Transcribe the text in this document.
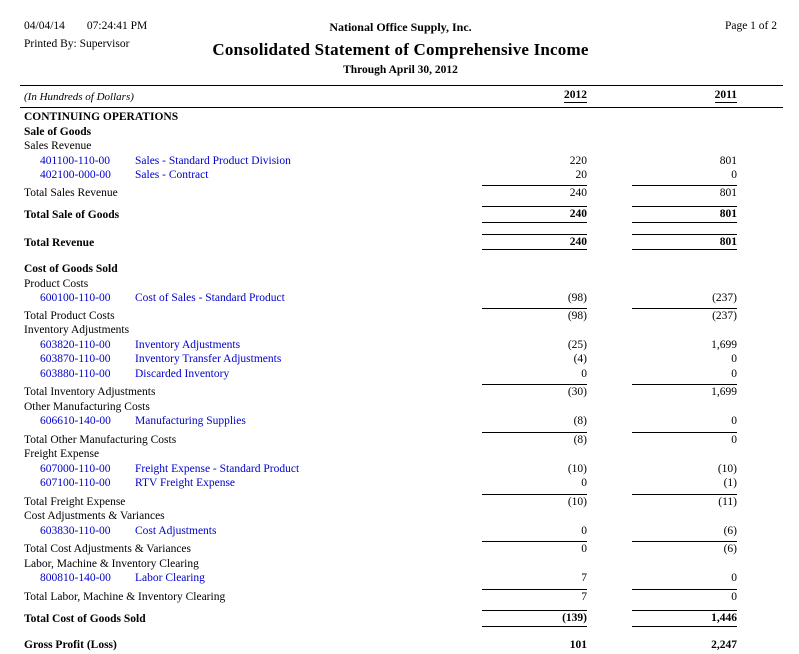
04/04/14 07:24:41 PM
Printed By: Supervisor
National Office Supply, Inc.
Consolidated Statement of Comprehensive Income
Through April 30, 2012
Page 1 of 2
(In Hundreds of Dollars)	2012	2011
CONTINUING OPERATIONS
Sale of Goods
Sales Revenue
401100-110-00 Sales - Standard Product Division	220	801
402100-000-00 Sales - Contract	20	0
Total Sales Revenue	240	801
Total Sale of Goods	240	801
Total Revenue	240	801
Cost of Goods Sold
Product Costs
600100-110-00 Cost of Sales - Standard Product	(98)	(237)
Total Product Costs	(98)	(237)
Inventory Adjustments
603820-110-00 Inventory Adjustments	(25)	1,699
603870-110-00 Inventory Transfer Adjustments	(4)	0
603880-110-00 Discarded Inventory	0	0
Total Inventory Adjustments	(30)	1,699
Other Manufacturing Costs
606610-140-00 Manufacturing Supplies	(8)	0
Total Other Manufacturing Costs	(8)	0
Freight Expense
607000-110-00 Freight Expense - Standard Product	(10)	(10)
607100-110-00 RTV Freight Expense	0	(1)
Total Freight Expense	(10)	(11)
Cost Adjustments & Variances
603830-110-00 Cost Adjustments	0	(6)
Total Cost Adjustments & Variances	0	(6)
Labor, Machine & Inventory Clearing
800810-140-00 Labor Clearing	7	0
Total Labor, Machine & Inventory Clearing	7	0
Total Cost of Goods Sold	(139)	1,446
Gross Profit (Loss)	101	2,247
